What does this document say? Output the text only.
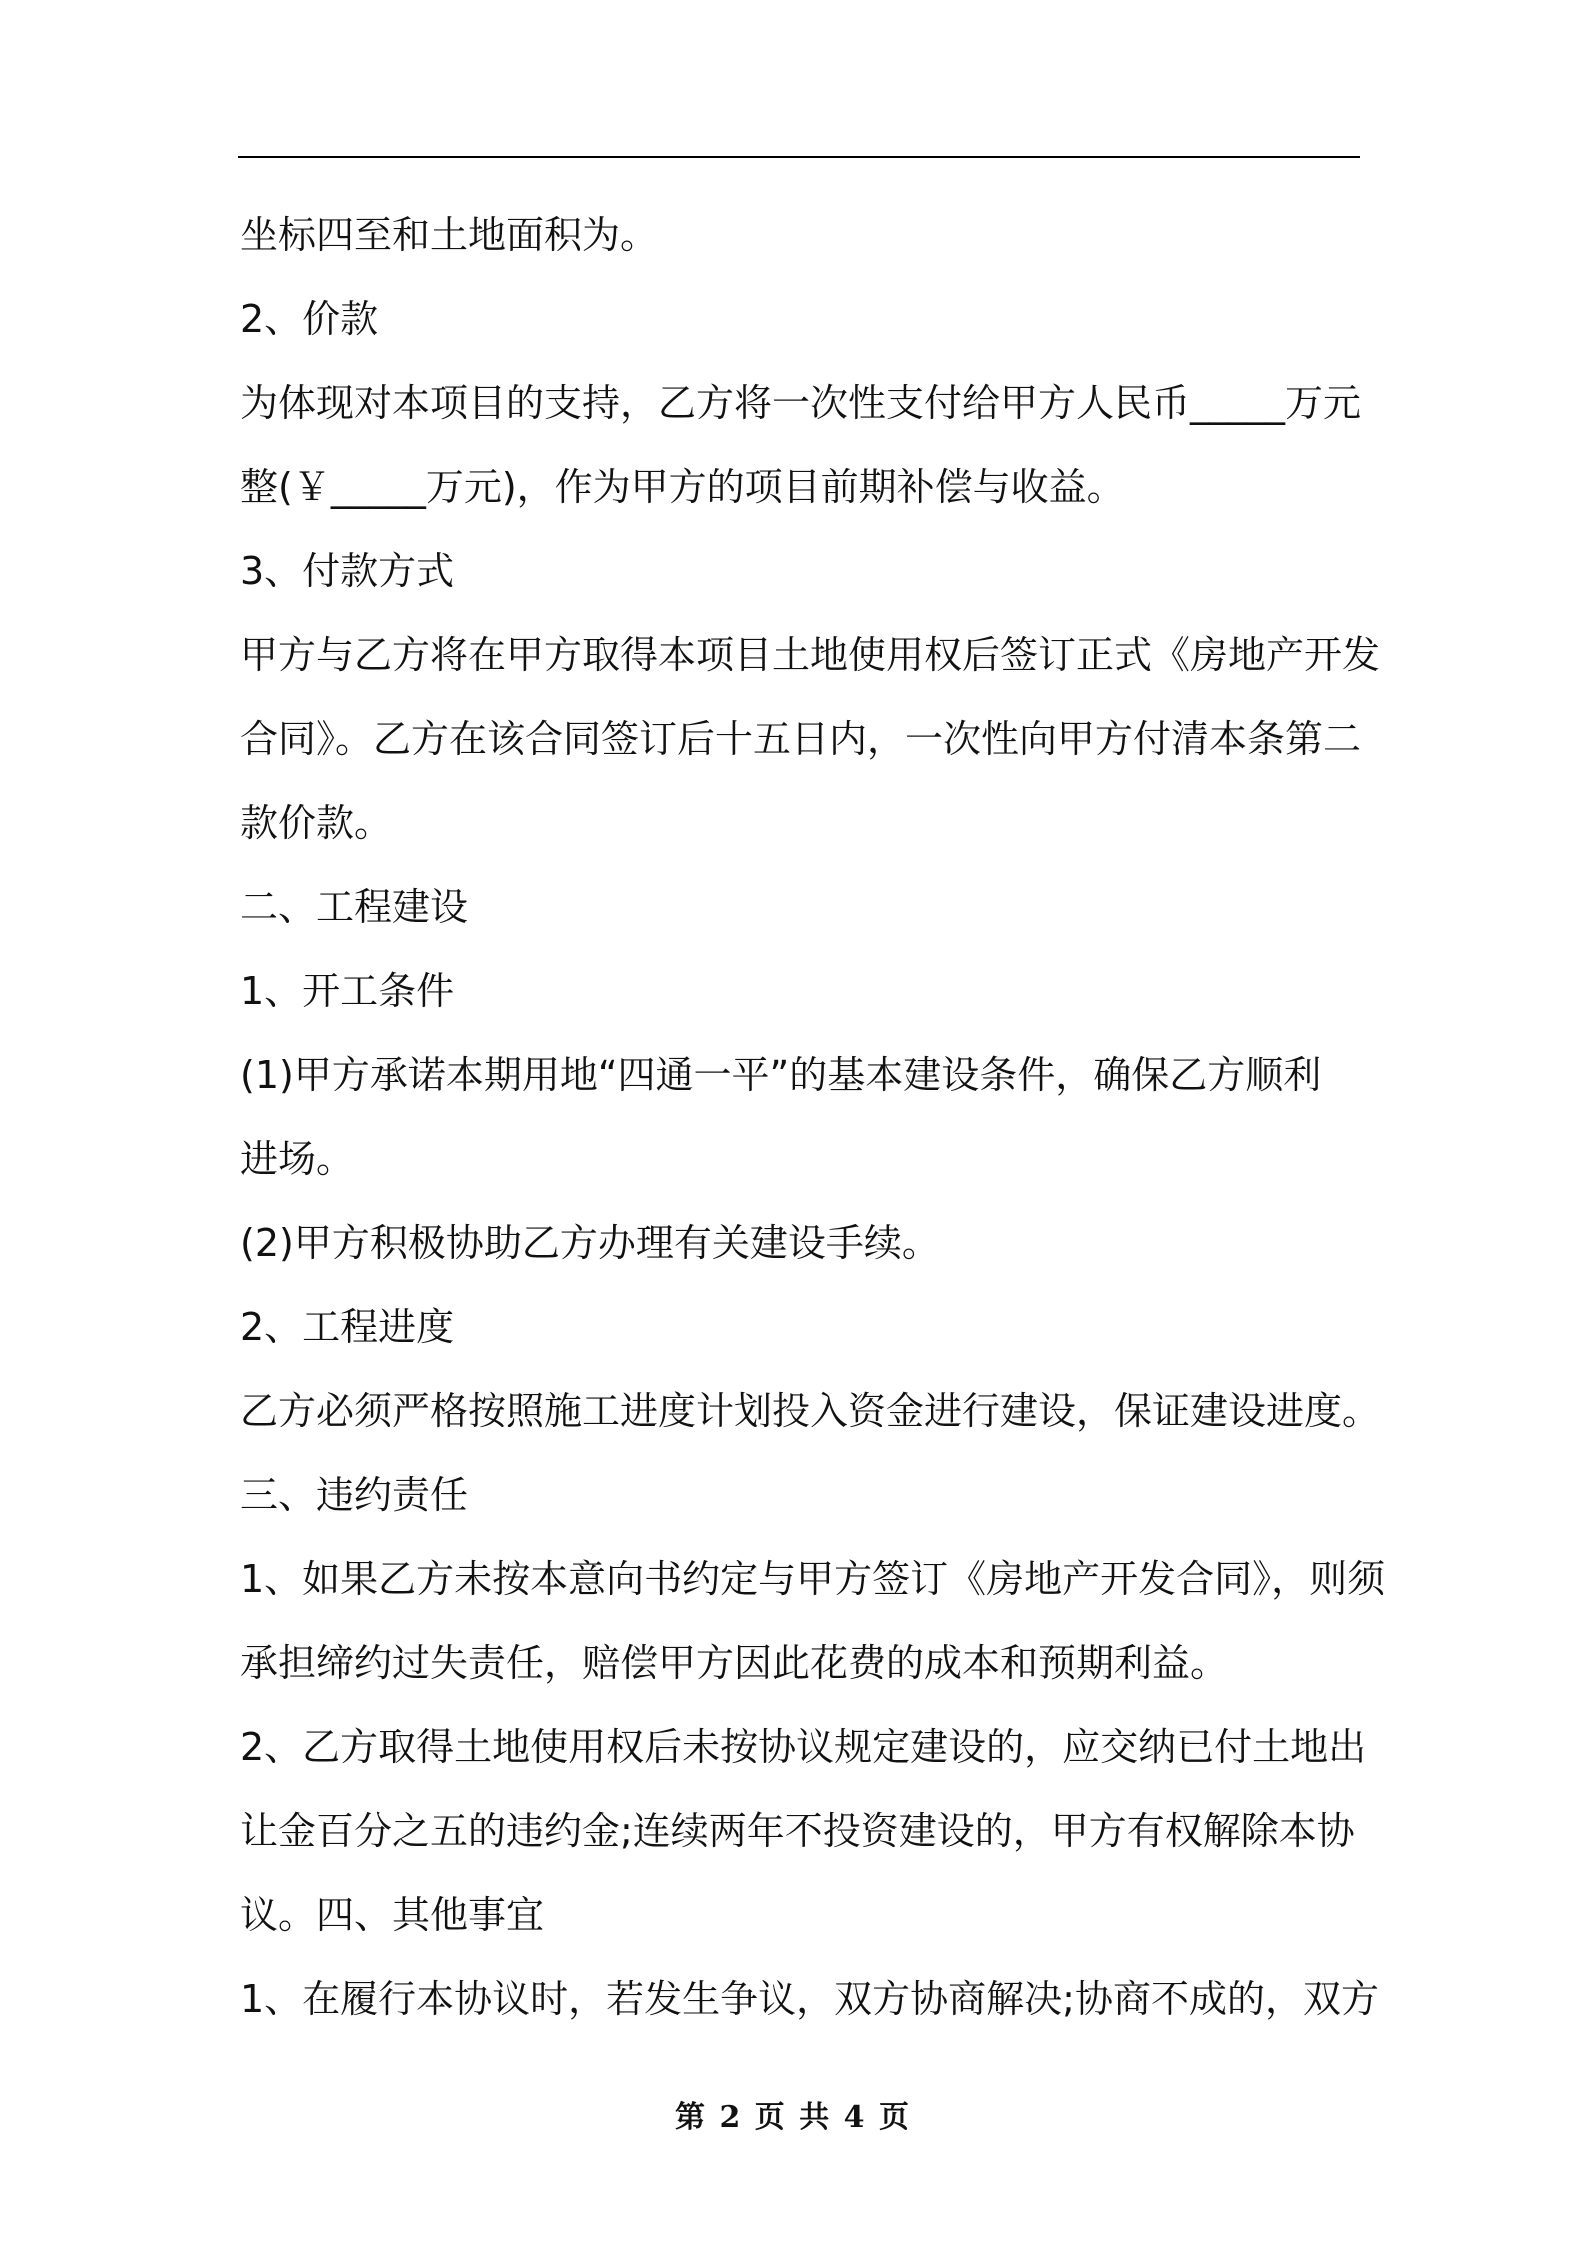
坐标四至和土地面积为。
2、价款
为体现对本项目的支持，乙方将一次性支付给甲方人民币_____万元
整(￥_____万元)，作为甲方的项目前期补偿与收益。
3、付款方式
甲方与乙方将在甲方取得本项目土地使用权后签订正式《房地产开发
合同》。乙方在该合同签订后十五日内，一次性向甲方付清本条第二
款价款。
二、工程建设
1、开工条件
(1)甲方承诺本期用地“四通一平”的基本建设条件，确保乙方顺利
进场。
(2)甲方积极协助乙方办理有关建设手续。
2、工程进度
乙方必须严格按照施工进度计划投入资金进行建设，保证建设进度。
三、违约责任
1、如果乙方未按本意向书约定与甲方签订《房地产开发合同》，则须
承担缔约过失责任，赔偿甲方因此花费的成本和预期利益。
2、乙方取得土地使用权后未按协议规定建设的，应交纳已付土地出
让金百分之五的违约金;连续两年不投资建设的，甲方有权解除本协
议。四、其他事宜
1、在履行本协议时，若发生争议，双方协商解决;协商不成的，双方
第 2 页 共 4 页
